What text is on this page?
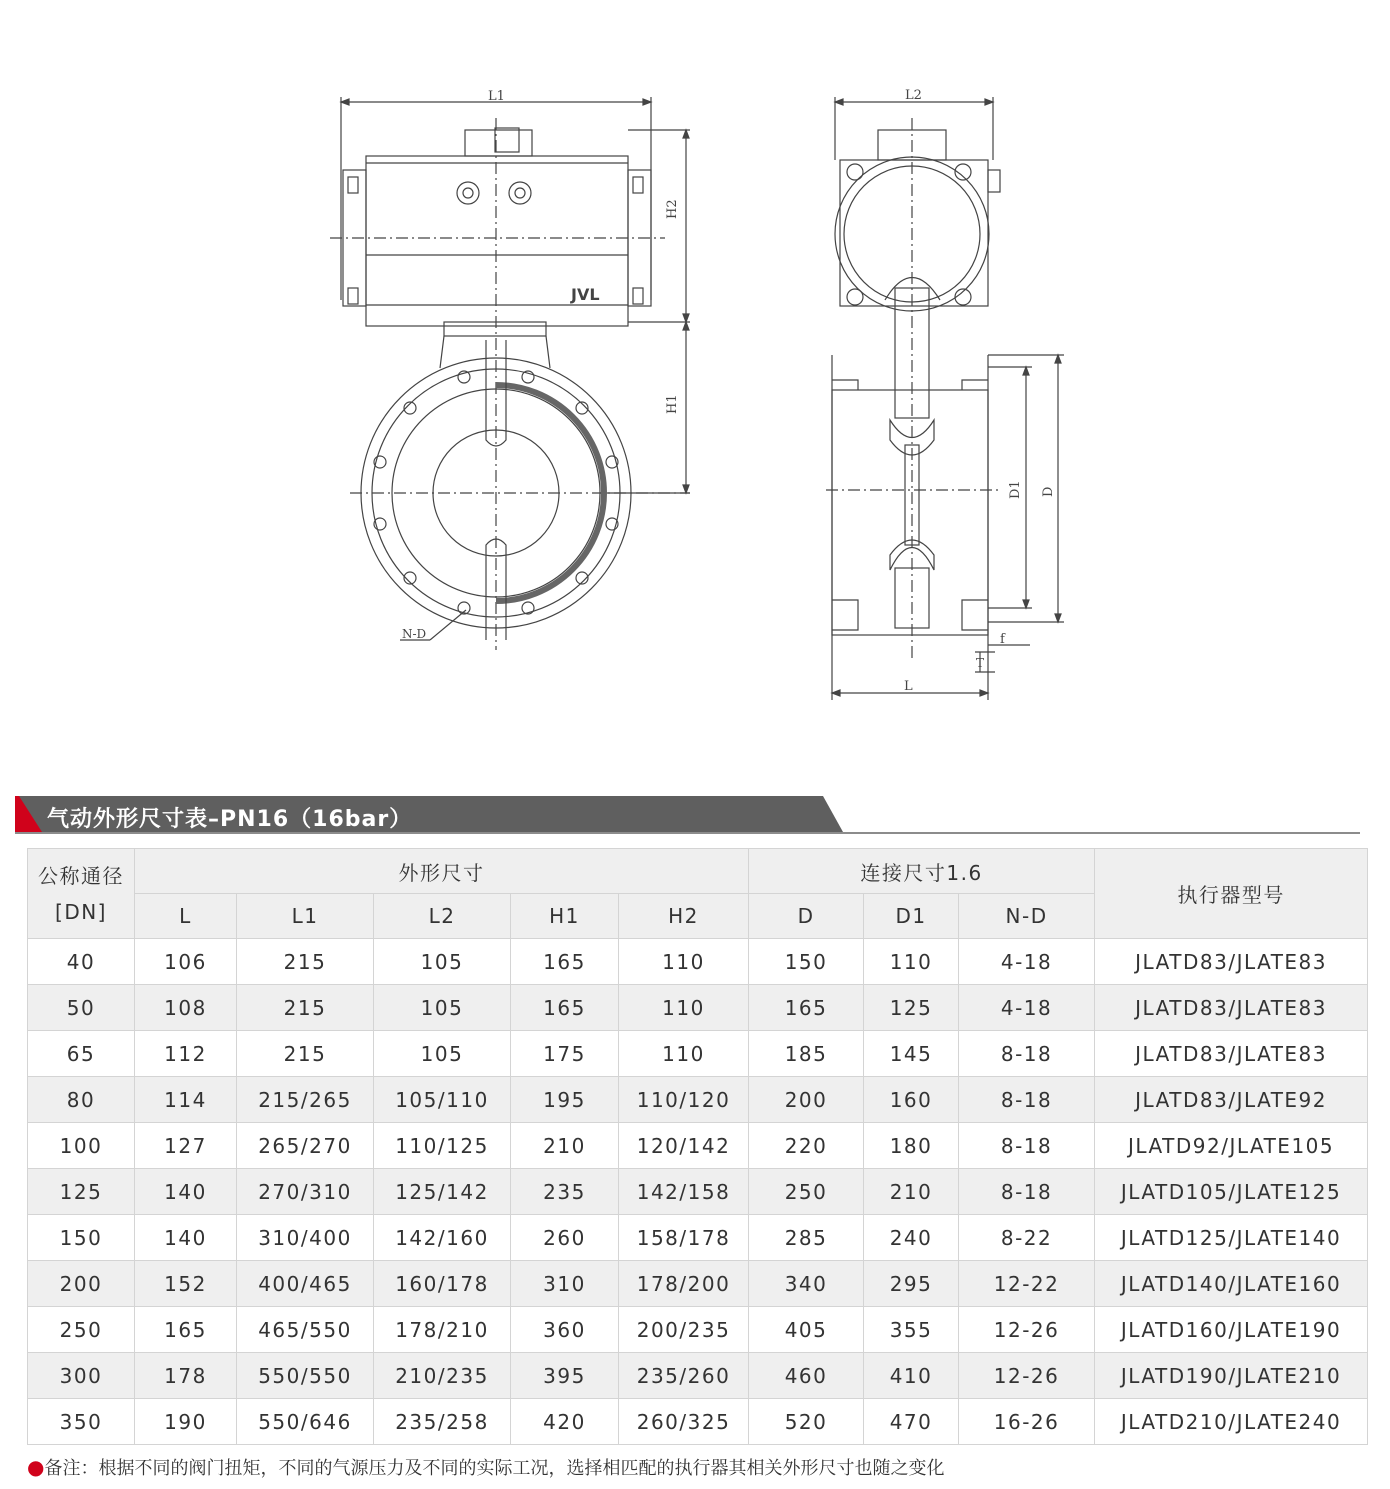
L1
H2
H1
N-D
JVL
L2
D1 D
L
f
T
气动外形尺寸表–PN16（16bar）
公称通径
[DN]	外形尺寸					连接尺寸1.6			执行器型号
	L	L1	L2	H1	H2	D	D1	N-D	
40	106	215	105	165	110	150	110	4-18	JLATD83/JLATE83
50	108	215	105	165	110	165	125	4-18	JLATD83/JLATE83
65	112	215	105	175	110	185	145	8-18	JLATD83/JLATE83
80	114	215/265	105/110	195	110/120	200	160	8-18	JLATD83/JLATE92
100	127	265/270	110/125	210	120/142	220	180	8-18	JLATD92/JLATE105
125	140	270/310	125/142	235	142/158	250	210	8-18	JLATD105/JLATE125
150	140	310/400	142/160	260	158/178	285	240	8-22	JLATD125/JLATE140
200	152	400/465	160/178	310	178/200	340	295	12-22	JLATD140/JLATE160
250	165	465/550	178/210	360	200/235	405	355	12-26	JLATD160/JLATE190
300	178	550/550	210/235	395	235/260	460	410	12-26	JLATD190/JLATE210
350	190	550/646	235/258	420	260/325	520	470	16-26	JLATD210/JLATE240
●备注：根据不同的阀门扭矩，不同的气源压力及不同的实际工况，选择相匹配的执行器其相关外形尺寸也随之变化
